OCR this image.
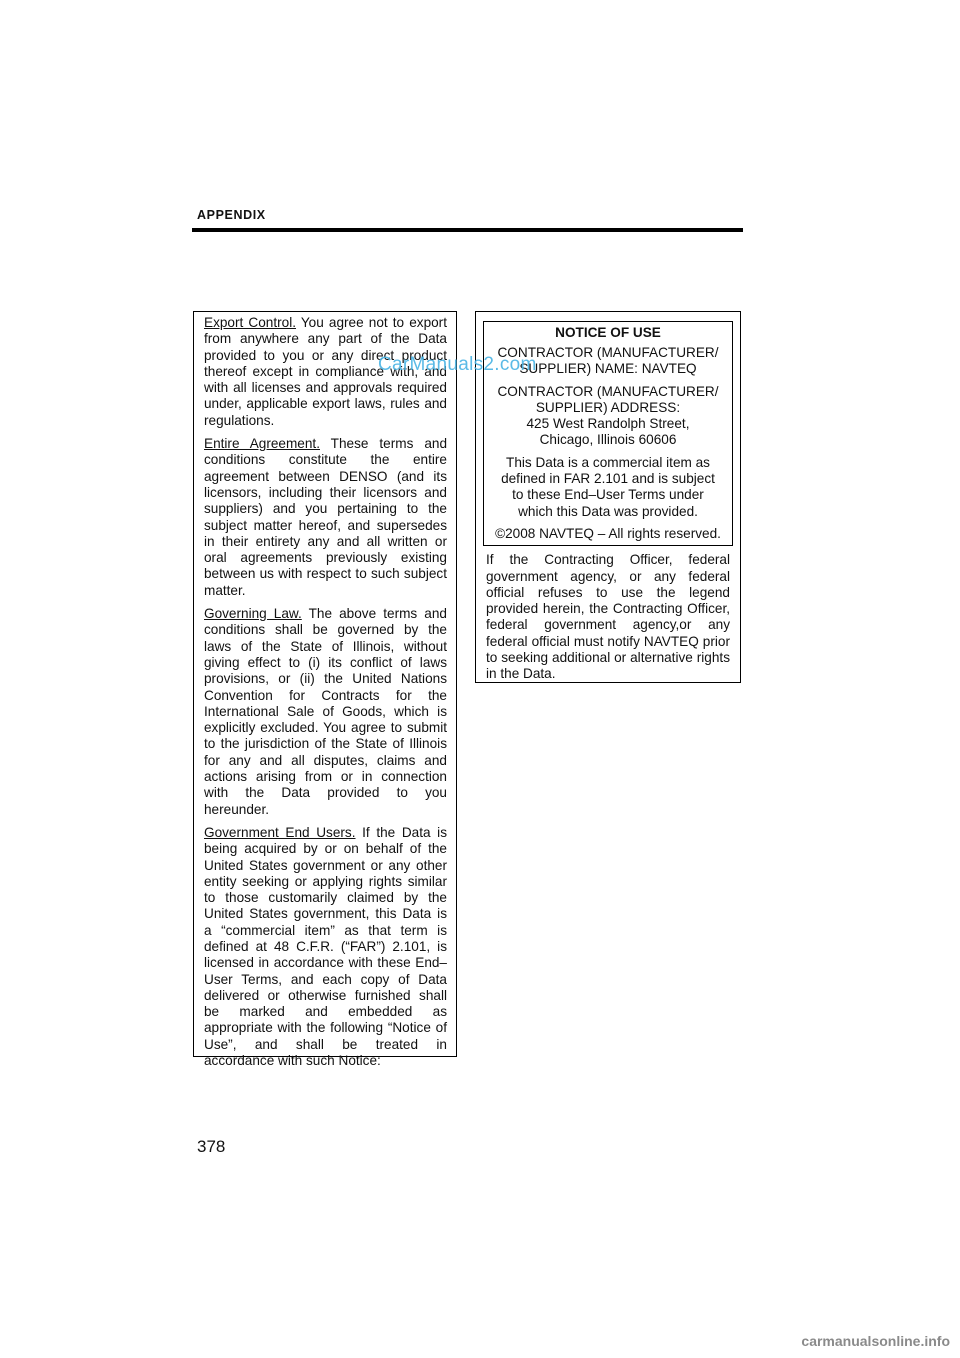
APPENDIX

Export Control. You agree not to export from anywhere any part of the Data provided to you or any direct product thereof except in compliance with, and with all licenses and approvals required under, applicable export laws, rules and regulations.

Entire Agreement. These terms and conditions constitute the entire agreement between DENSO (and its licensors, including their licensors and suppliers) and you pertaining to the subject matter hereof, and supersedes in their entirety any and all written or oral agreements previously existing between us with respect to such subject matter.

Governing Law. The above terms and conditions shall be governed by the laws of the State of Illinois, without giving effect to (i) its conflict of laws provisions, or (ii) the United Nations Convention for Contracts for the International Sale of Goods, which is explicitly excluded. You agree to submit to the jurisdiction of the State of Illinois for any and all disputes, claims and actions arising from or in connection with the Data provided to you hereunder.

Government End Users. If the Data is being acquired by or on behalf of the United States government or any other entity seeking or applying rights similar to those customarily claimed by the United States government, this Data is a “commercial item” as that term is defined at 48 C.F.R. (“FAR”) 2.101, is licensed in accordance with these End–User Terms, and each copy of Data delivered or otherwise furnished shall be marked and embedded as appropriate with the following “Notice of Use”, and shall be treated in accordance with such Notice:

NOTICE OF USE
CONTRACTOR (MANUFACTURER/
SUPPLIER) NAME: NAVTEQ
CONTRACTOR (MANUFACTURER/
SUPPLIER) ADDRESS:
425 West Randolph Street,
Chicago, Illinois 60606
This Data is a commercial item as
defined in FAR 2.101 and is subject
to these End–User Terms under
which this Data was provided.
©2008 NAVTEQ – All rights reserved.

If the Contracting Officer, federal government agency, or any federal official refuses to use the legend provided herein, the Contracting Officer, federal government agency,or any federal official must notify NAVTEQ prior to seeking additional or alternative rights in the Data.

378
CarManuals2.com
carmanualsonline.info
